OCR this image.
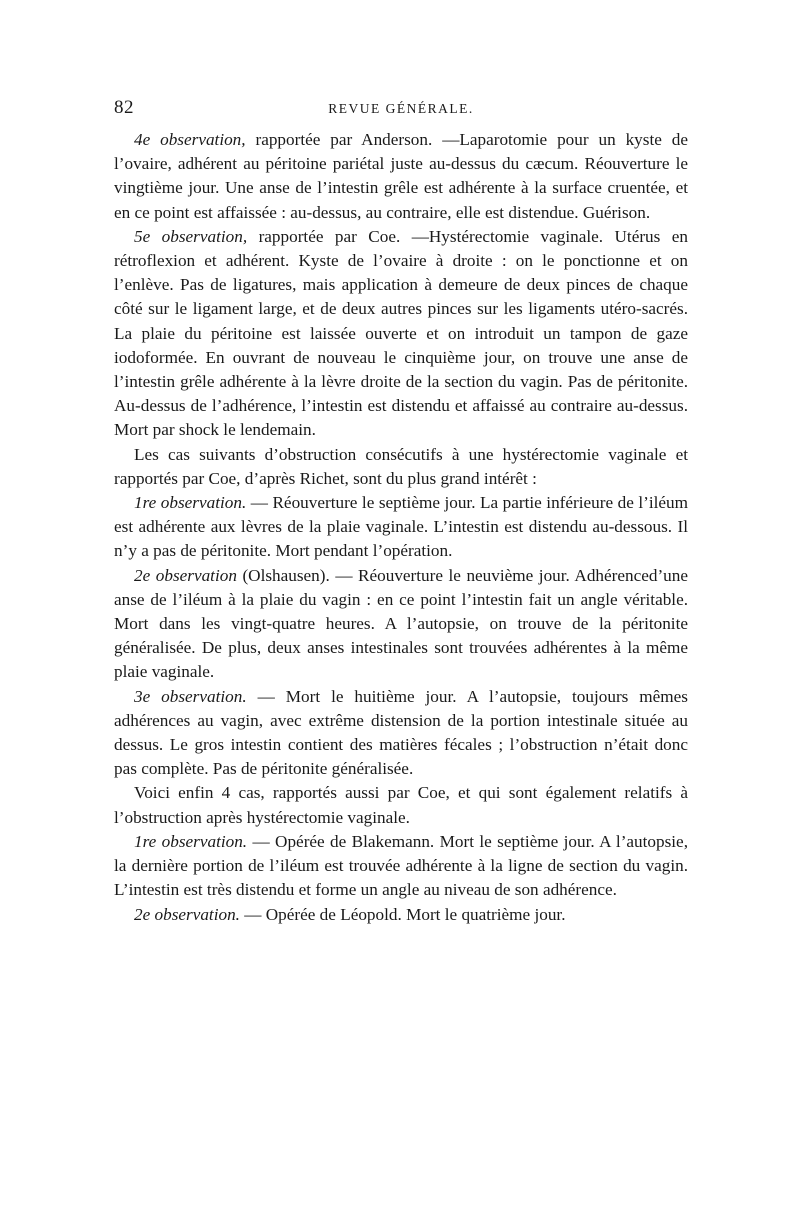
82	REVUE GÉNÉRALE.

4e observation, rapportée par Anderson. —Laparotomie pour un kyste de l’ovaire, adhérent au péritoine pariétal juste au-dessus du cæcum. Réouverture le vingtième jour. Une anse de l’intestin grêle est adhérente à la surface cruentée, et en ce point est affaissée : au-dessus, au contraire, elle est distendue. Guérison.

5e observation, rapportée par Coe. —Hystérectomie vaginale. Utérus en rétroflexion et adhérent. Kyste de l’ovaire à droite : on le ponctionne et on l’enlève. Pas de ligatures, mais application à demeure de deux pinces de chaque côté sur le ligament large, et de deux autres pinces sur les ligaments utéro-sacrés. La plaie du péritoine est laissée ouverte et on introduit un tampon de gaze iodoformée. En ouvrant de nouveau le cinquième jour, on trouve une anse de l’intestin grêle adhérente à la lèvre droite de la section du vagin. Pas de péritonite. Au-dessus de l’adhérence, l’intestin est distendu et affaissé au contraire au-dessus. Mort par shock le lendemain.

Les cas suivants d’obstruction consécutifs à une hystérectomie vaginale et rapportés par Coe, d’après Richet, sont du plus grand intérêt :

1re observation. — Réouverture le septième jour. La partie inférieure de l’iléum est adhérente aux lèvres de la plaie vaginale. L’intestin est distendu au-dessous. Il n’y a pas de péritonite. Mort pendant l’opération.

2e observation (Olshausen). — Réouverture le neuvième jour. Adhérenced’une anse de l’iléum à la plaie du vagin : en ce point l’intestin fait un angle véritable. Mort dans les vingt-quatre heures. A l’autopsie, on trouve de la péritonite généralisée. De plus, deux anses intestinales sont trouvées adhérentes à la même plaie vaginale.

3e observation. — Mort le huitième jour. A l’autopsie, toujours mêmes adhérences au vagin, avec extrême distension de la portion intestinale située au dessus. Le gros intestin contient des matières fécales ; l’obstruction n’était donc pas complète. Pas de péritonite généralisée.

Voici enfin 4 cas, rapportés aussi par Coe, et qui sont également relatifs à l’obstruction après hystérectomie vaginale.

1re observation. — Opérée de Blakemann. Mort le septième jour. A l’autopsie, la dernière portion de l’iléum est trouvée adhérente à la ligne de section du vagin. L’intestin est très distendu et forme un angle au niveau de son adhérence.

2e observation. — Opérée de Léopold. Mort le quatrième jour.
